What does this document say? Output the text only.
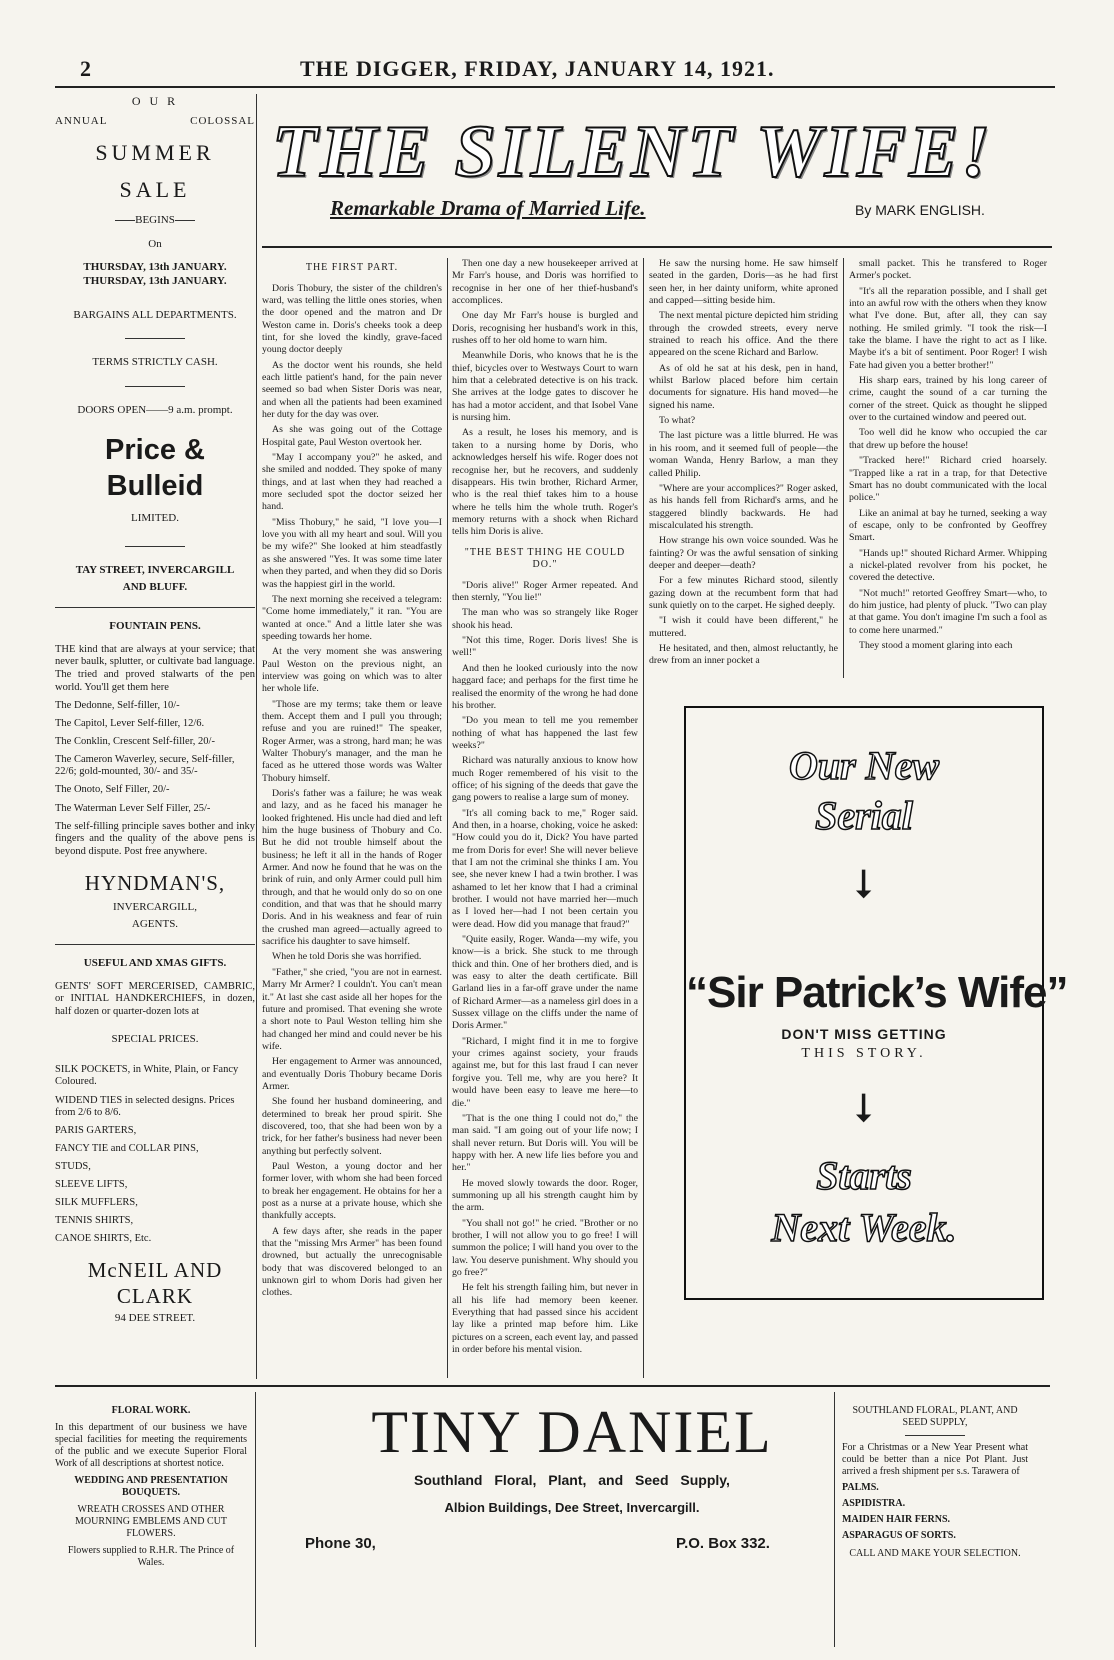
2	THE DIGGER, FRIDAY, JANUARY 14, 1921.

O U R

ANNUAL	COLOSSAL

SUMMER

SALE

BEGINS

On

THURSDAY, 13th JANUARY.

THURSDAY, 13th JANUARY.

BARGAINS ALL DEPARTMENTS.

TERMS STRICTLY CASH.

DOORS OPEN——9 a.m. prompt.

Price & Bulleid

LIMITED.

TAY STREET, INVERCARGILL

AND BLUFF.

FOUNTAIN PENS.

THE kind that are always at your service; that never baulk, splutter, or cultivate bad language. The tried and proved stalwarts of the pen world. You'll get them here

The Dedonne, Self-filler, 10/-

The Capitol, Lever Self-filler, 12/6.

The Conklin, Crescent Self-filler, 20/-

The Cameron Waverley, secure, Self-filler, 22/6; gold-mounted, 30/- and 35/-

The Onoto, Self Filler, 20/-

The Waterman Lever Self Filler, 25/-

The self-filling principle saves bother and inky fingers and the quality of the above pens is beyond dispute. Post free anywhere.

HYNDMAN'S,

INVERCARGILL,

AGENTS.

USEFUL AND XMAS GIFTS.

GENTS' SOFT MERCERISED, CAMBRIC, or INITIAL HANDKERCHIEFS, in dozen, half dozen or quarter-dozen lots at

SPECIAL PRICES.

SILK POCKETS, in White, Plain, or Fancy Coloured.

WIDEND TIES in selected designs. Prices from 2/6 to 8/6.

PARIS GARTERS,

FANCY TIE and COLLAR PINS,

STUDS,

SLEEVE LIFTS,

SILK MUFFLERS,

TENNIS SHIRTS,

CANOE SHIRTS, Etc.

McNEIL AND CLARK

94 DEE STREET.

THE SILENT WIFE!
Remarkable Drama of Married Life.	By MARK ENGLISH.

THE FIRST PART.

Doris Thobury, the sister of the children's ward, was telling the little ones stories, when the door opened and the matron and Dr Weston came in. Doris's cheeks took a deep tint, for she loved the kindly, grave-faced young doctor deeply

As the doctor went his rounds, she held each little patient's hand, for the pain never seemed so bad when Sister Doris was near, and when all the patients had been examined her duty for the day was over.

As she was going out of the Cottage Hospital gate, Paul Weston overtook her.

"May I accompany you?" he asked, and she smiled and nodded. They spoke of many things, and at last when they had reached a more secluded spot the doctor seized her hand.

"Miss Thobury," he said, "I love you—I love you with all my heart and soul. Will you be my wife?" She looked at him steadfastly as she answered "Yes. It was some time later when they parted, and when they did so Doris was the happiest girl in the world.

The next morning she received a telegram: "Come home immediately," it ran. "You are wanted at once." And a little later she was speeding towards her home.

At the very moment she was answering Paul Weston on the previous night, an interview was going on which was to alter her whole life.

"Those are my terms; take them or leave them. Accept them and I pull you through; refuse and you are ruined!" The speaker, Roger Armer, was a strong, hard man; he was Walter Thobury's manager, and the man he faced as he uttered those words was Walter Thobury himself.

Doris's father was a failure; he was weak and lazy, and as he faced his manager he looked frightened. His uncle had died and left him the huge business of Thobury and Co. But he did not trouble himself about the business; he left it all in the hands of Roger Armer. And now he found that he was on the brink of ruin, and only Armer could pull him through, and that he would only do so on one condition, and that was that he should marry Doris. And in his weakness and fear of ruin the crushed man agreed—actually agreed to sacrifice his daughter to save himself.

When he told Doris she was horrified.

"Father," she cried, "you are not in earnest. Marry Mr Armer? I couldn't. You can't mean it." At last she cast aside all her hopes for the future and promised. That evening she wrote a short note to Paul Weston telling him she had changed her mind and could never be his wife.

Her engagement to Armer was announced, and eventually Doris Thobury became Doris Armer.

She found her husband domineering, and determined to break her proud spirit. She discovered, too, that she had been won by a trick, for her father's business had never been anything but perfectly solvent.

Paul Weston, a young doctor and her former lover, with whom she had been forced to break her engagement. He obtains for her a post as a nurse at a private house, which she thankfully accepts.

A few days after, she reads in the paper that the "missing Mrs Armer" has been found drowned, but actually the unrecognisable body that was discovered belonged to an unknown girl to whom Doris had given her clothes.

Then one day a new housekeeper arrived at Mr Farr's house, and Doris was horrified to recognise in her one of her thief-husband's accomplices.

One day Mr Farr's house is burgled and Doris, recognising her husband's work in this, rushes off to her old home to warn him.

Meanwhile Doris, who knows that he is the thief, bicycles over to Westways Court to warn him that a celebrated detective is on his track. She arrives at the lodge gates to discover he has had a motor accident, and that Isobel Vane is nursing him.

As a result, he loses his memory, and is taken to a nursing home by Doris, who acknowledges herself his wife. Roger does not recognise her, but he recovers, and suddenly disappears. His twin brother, Richard Armer, who is the real thief takes him to a house where he tells him the whole truth. Roger's memory returns with a shock when Richard tells him Doris is alive.

"THE BEST THING HE COULD DO."

"Doris alive!" Roger Armer repeated. And then sternly, "You lie!"

The man who was so strangely like Roger shook his head.

"Not this time, Roger. Doris lives! She is well!"

And then he looked curiously into the now haggard face; and perhaps for the first time he realised the enormity of the wrong he had done his brother.

"Do you mean to tell me you remember nothing of what has happened the last few weeks?"

Richard was naturally anxious to know how much Roger remembered of his visit to the office; of his signing of the deeds that gave the gang powers to realise a large sum of money.

"It's all coming back to me," Roger said. And then, in a hoarse, choking, voice he asked: "How could you do it, Dick? You have parted me from Doris for ever! She will never believe that I am not the criminal she thinks I am. You see, she never knew I had a twin brother. I was ashamed to let her know that I had a criminal brother. I would not have married her—much as I loved her—had I not been certain you were dead. How did you manage that fraud?"

"Quite easily, Roger. Wanda—my wife, you know—is a brick. She stuck to me through thick and thin. One of her brothers died, and is was easy to alter the death certificate. Bill Garland lies in a far-off grave under the name of Richard Armer—as a nameless girl does in a Sussex village on the cliffs under the name of Doris Armer."

"Richard, I might find it in me to forgive your crimes against society, your frauds against me, but for this last fraud I can never forgive you. Tell me, why are you here? It would have been easy to leave me here—to die."

"That is the one thing I could not do," the man said. "I am going out of your life now; I shall never return. But Doris will. You will be happy with her. A new life lies before you and her."

He moved slowly towards the door. Roger, summoning up all his strength caught him by the arm.

"You shall not go!" he cried. "Brother or no brother, I will not allow you to go free! I will summon the police; I will hand you over to the law. You deserve punishment. Why should you go free?"

He felt his strength failing him, but never in all his life had memory been keener. Everything that had passed since his accident lay like a printed map before him. Like pictures on a screen, each event lay, and passed in order before his mental vision.

He saw the nursing home. He saw himself seated in the garden, Doris—as he had first seen her, in her dainty uniform, white aproned and capped—sitting beside him.

The next mental picture depicted him striding through the crowded streets, every nerve strained to reach his office. And the there appeared on the scene Richard and Barlow.

As of old he sat at his desk, pen in hand, whilst Barlow placed before him certain documents for signature. His hand moved—he signed his name.

To what?

The last picture was a little blurred. He was in his room, and it seemed full of people—the woman Wanda, Henry Barlow, a man they called Philip.

"Where are your accomplices?" Roger asked, as his hands fell from Richard's arms, and he staggered blindly backwards. He had miscalculated his strength.

How strange his own voice sounded. Was he fainting? Or was the awful sensation of sinking deeper and deeper—death?

For a few minutes Richard stood, silently gazing down at the recumbent form that had sunk quietly on to the carpet. He sighed deeply.

"I wish it could have been different," he muttered.

He hesitated, and then, almost reluctantly, he drew from an inner pocket a

small packet. This he transfered to Roger Armer's pocket.

"It's all the reparation possible, and I shall get into an awful row with the others when they know what I've done. But, after all, they can say nothing. He smiled grimly. "I took the risk—I take the blame. I have the right to act as I like. Maybe it's a bit of sentiment. Poor Roger! I wish Fate had given you a better brother!"

His sharp ears, trained by his long career of crime, caught the sound of a car turning the corner of the street. Quick as thought he slipped over to the curtained window and peered out.

Too well did he know who occupied the car that drew up before the house!

"Tracked here!" Richard cried hoarsely. "Trapped like a rat in a trap, for that Detective Smart has no doubt communicated with the local police."

Like an animal at bay he turned, seeking a way of escape, only to be confronted by Geoffrey Smart.

"Hands up!" shouted Richard Armer. Whipping a nickel-plated revolver from his pocket, he covered the detective.

"Not much!" retorted Geoffrey Smart—who, to do him justice, had plenty of pluck. "Two can play at that game. You don't imagine I'm such a fool as to come here unarmed."

They stood a moment glaring into each

Our New
Serial
⭣
“Sir Patrick’s Wife”
DON'T MISS GETTING
THIS STORY.
⭣
Starts
Next Week.

FLORAL WORK.

In this department of our business we have special facilities for meeting the requirements of the public and we execute Superior Floral Work of all descriptions at shortest notice.

WEDDING AND PRESENTATION BOUQUETS.

WREATH CROSSES AND OTHER MOURNING EMBLEMS AND CUT FLOWERS.

Flowers supplied to R.H.R. The Prince of Wales.

TINY DANIEL
Southland Floral, Plant, and Seed Supply,
Albion Buildings, Dee Street, Invercargill.
Phone 30,	P.O. Box 332.

SOUTHLAND FLORAL, PLANT, AND SEED SUPPLY,

For a Christmas or a New Year Present what could be better than a nice Pot Plant. Just arrived a fresh shipment per s.s. Tarawera of

PALMS.

ASPIDISTRA.

MAIDEN HAIR FERNS.

ASPARAGUS OF SORTS.

CALL AND MAKE YOUR SELECTION.
